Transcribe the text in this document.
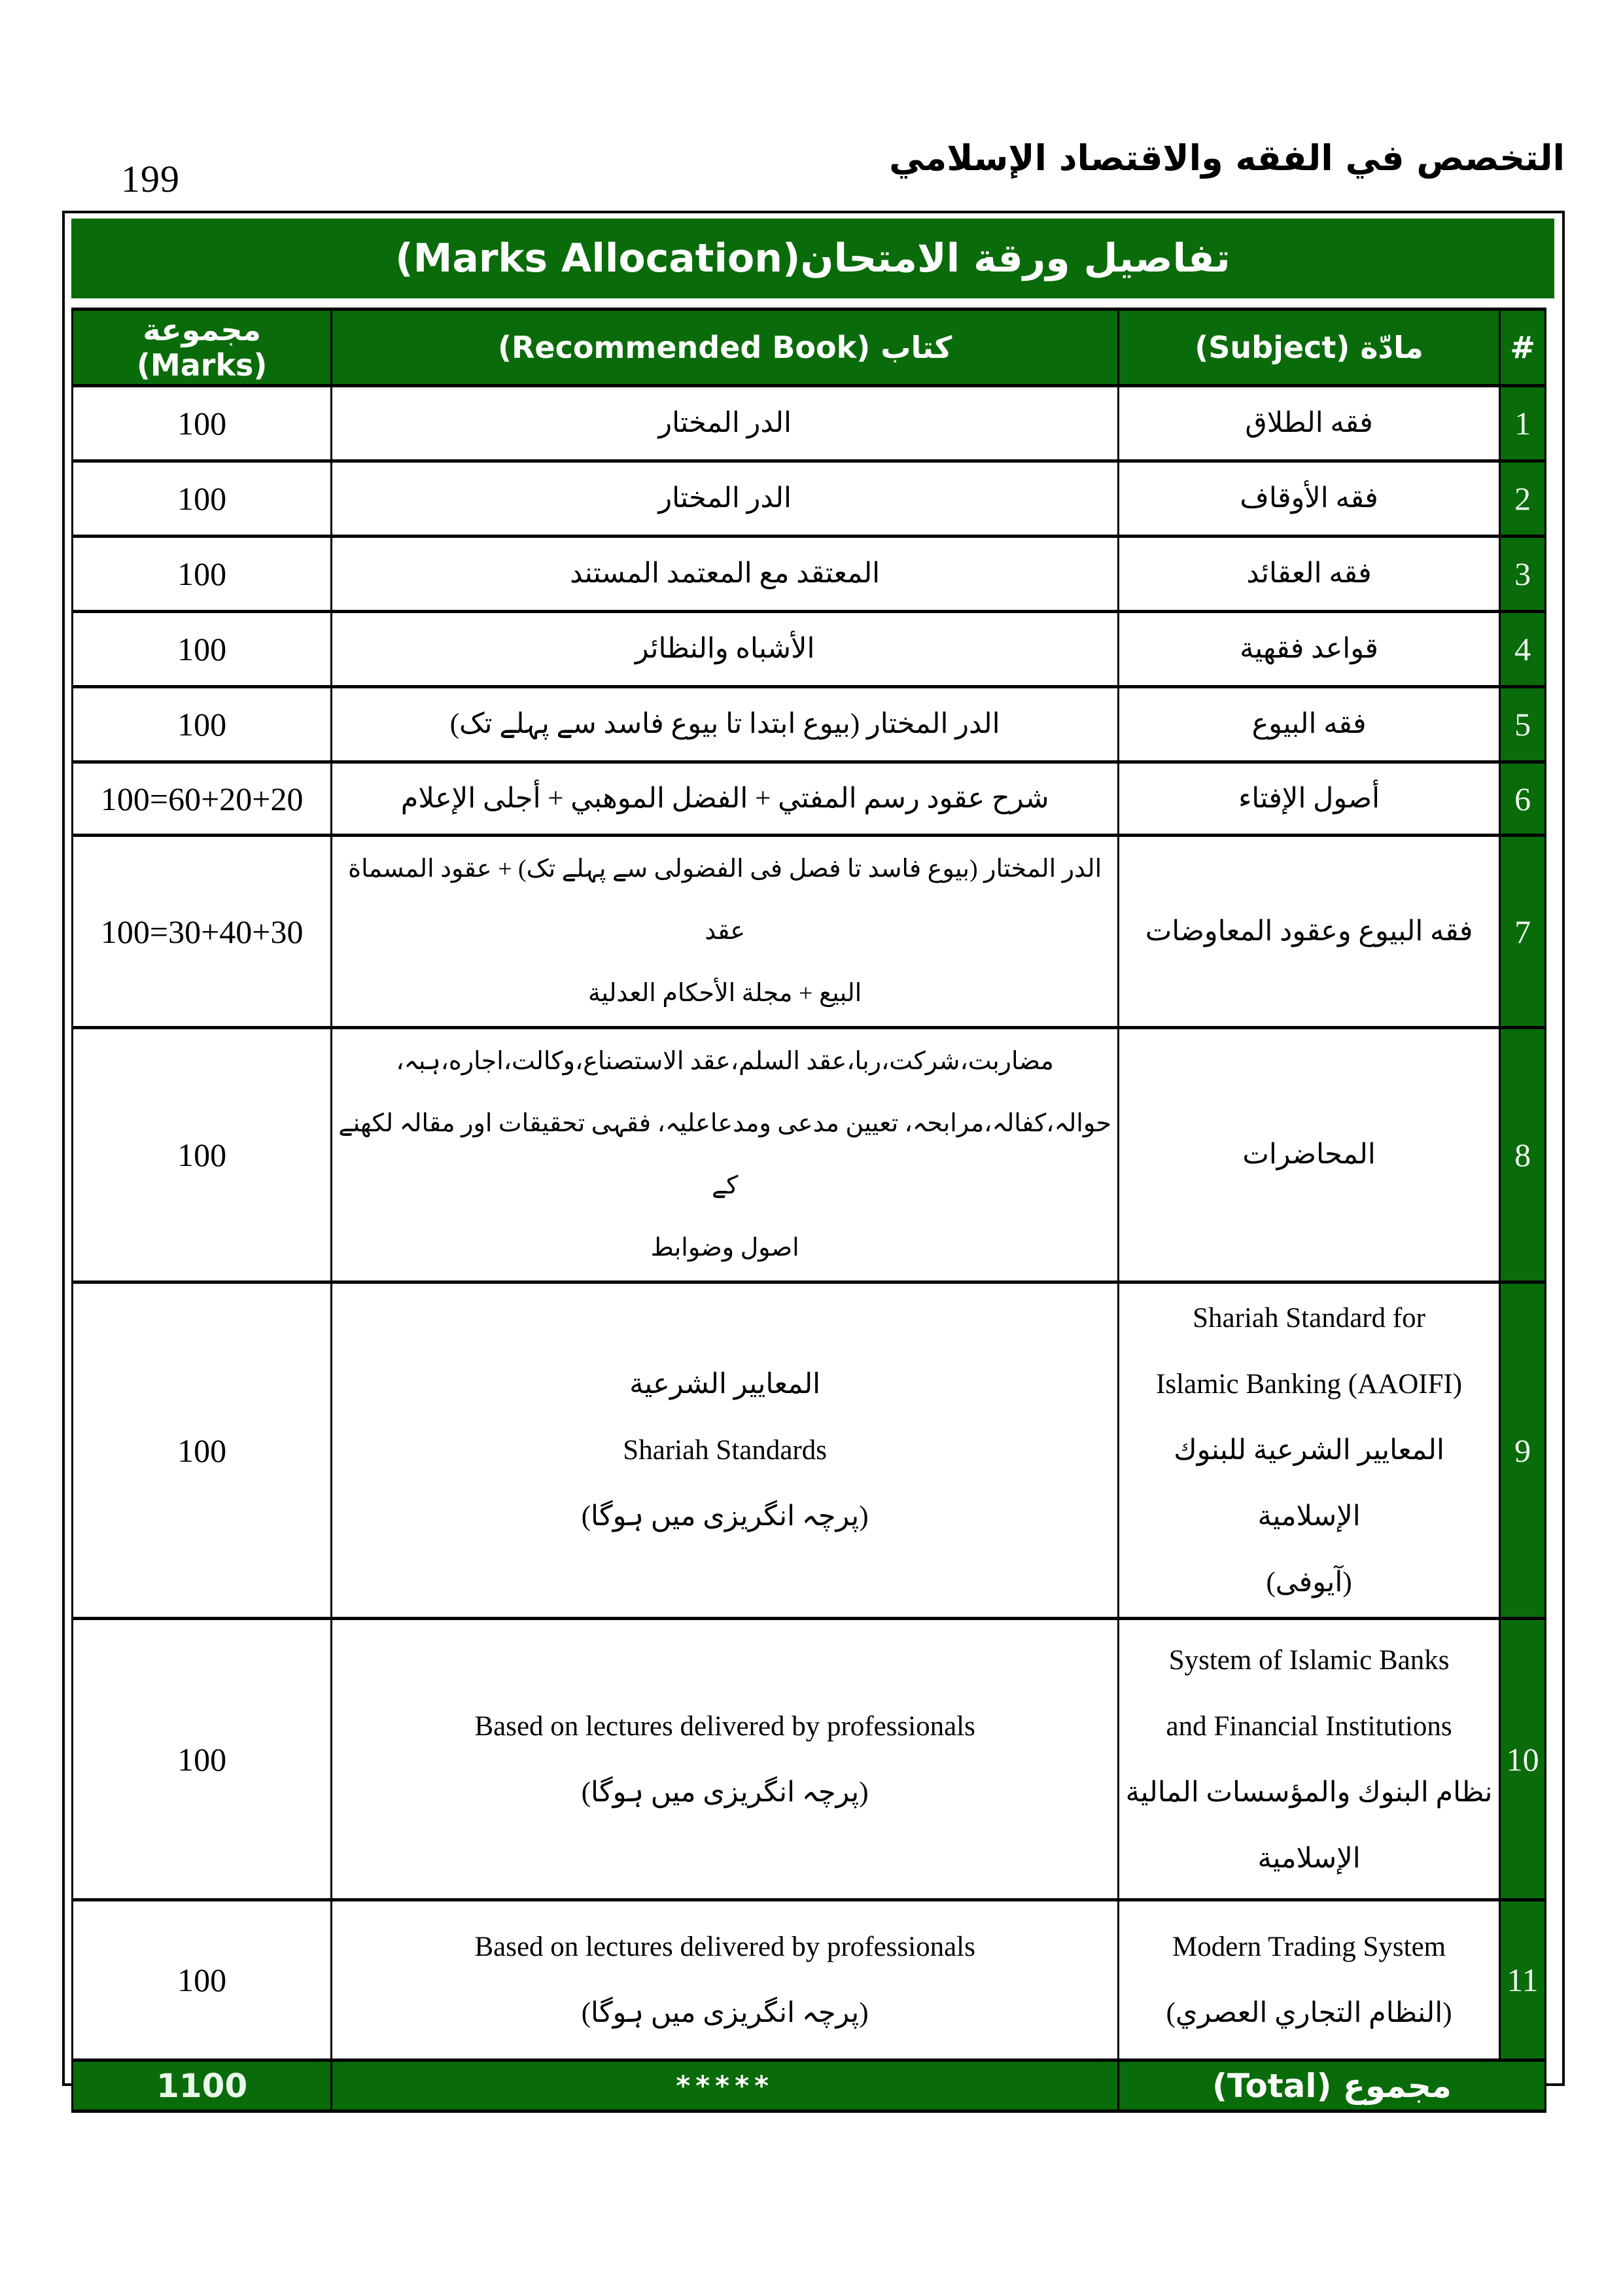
199	التخصص في الفقه والاقتصاد الإسلامي
تفاصيل ورقة الامتحان(Marks Allocation)
#	مادّة (Subject)	كتاب (Recommended Book)	مجموعة (Marks)
1	فقه الطلاق	الدر المختار	100
2	فقه الأوقاف	الدر المختار	100
3	فقه العقائد	المعتقد مع المعتمد المستند	100
4	قواعد فقهية	الأشباه والنظائر	100
5	فقه البيوع	الدر المختار (بیوع ابتدا تا بیوع فاسد سے پہلے تک)	100
6	أصول الإفتاء	شرح عقود رسم المفتي + الفضل الموهبي + أجلى الإعلام	100=60+20+20
7	فقه البيوع وعقود المعاوضات	الدر المختار (بیوع فاسد تا فصل فی الفضولی سے پہلے تک) + عقود المسماة عقد
البيع + مجلة الأحكام العدلية	100=30+40+30
8	المحاضرات	مضاربت،شرکت،ربا،عقد السلم،عقد الاستصناع،وکالت،اجاره،ہبہ،
حوالہ،کفالہ،مرابحہ، تعیین مدعی ومدعاعلیہ، فقہی تحقیقات اور مقالہ لکھنے کے
اصول وضوابط	100
9	Shariah Standard for
Islamic Banking (AAOIFI)
المعايير الشرعية للبنوك الإسلامية
(آيوفى)	المعايير الشرعية
Shariah Standards
(پرچہ انگریزی میں ہوگا)	100
10	System of Islamic Banks
and Financial Institutions
نظام البنوك والمؤسسات المالية
الإسلامية	Based on lectures delivered by professionals
(پرچہ انگریزی میں ہوگا)	100
11	Modern Trading System
(النظام التجاري العصري)	Based on lectures delivered by professionals
(پرچہ انگریزی میں ہوگا)	100
مجموع (Total)		*****	1100
